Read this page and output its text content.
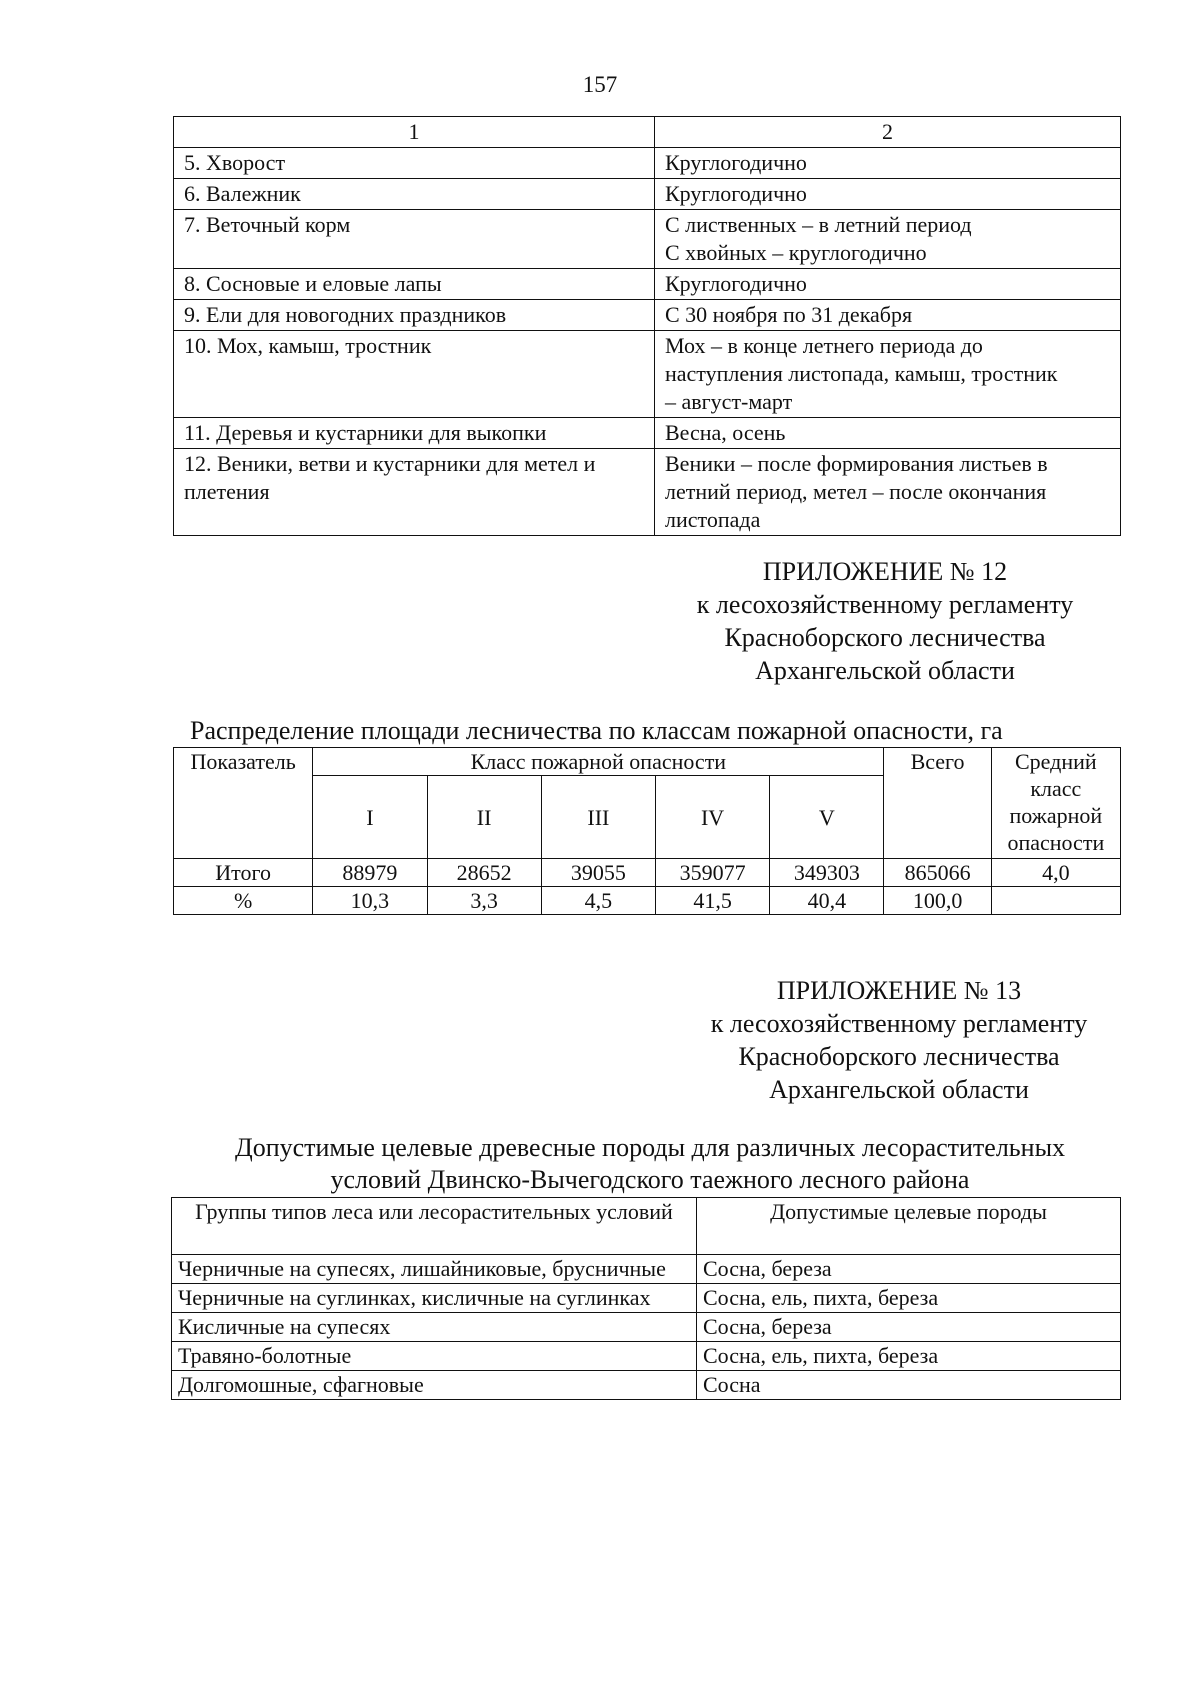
157
1	2
5. Хворост	Круглогодично

6. Валежник	Круглогодично

7. Веточный корм	С лиственных – в летний период
С хвойных – круглогодично

8. Сосновые и еловые лапы	Круглогодично

9. Ели для новогодних праздников	С 30 ноября по 31 декабря

10. Мох, камыш, тростник	Мох – в конце летнего периода до
наступления листопада, камыш, тростник
– август-март

11. Деревья и кустарники для выкопки	Весна, осень

12. Веники, ветви и кустарники для метел и плетения	Веники – после формирования листьев в
летний период, метел – после окончания
листопада
ПРИЛОЖЕНИЕ № 12
к лесохозяйственному регламенту
Красноборского лесничества
Архангельской области
Распределение площади лесничества по классам пожарной опасности, га
Показатель	Класс пожарной опасности					Всего	Средний
класс
пожарной
опасности

	I	II	III	IV	V		
Итого	88979	28652	39055	359077	349303	865066	4,0
%	10,3	3,3	4,5	41,5	40,4	100,0	
ПРИЛОЖЕНИЕ № 13
к лесохозяйственному регламенту
Красноборского лесничества
Архангельской области
Допустимые целевые древесные породы для различных лесорастительных
условий Двинско-Вычегодского таежного лесного района
Группы типов леса или лесорастительных условий	Допустимые целевые породы
Черничные на супесях, лишайниковые, брусничные	Сосна, береза
Черничные на суглинках, кисличные на суглинках	Сосна, ель, пихта, береза
Кисличные на супесях	Сосна, береза
Травяно-болотные	Сосна, ель, пихта, береза
Долгомошные, сфагновые	Сосна
